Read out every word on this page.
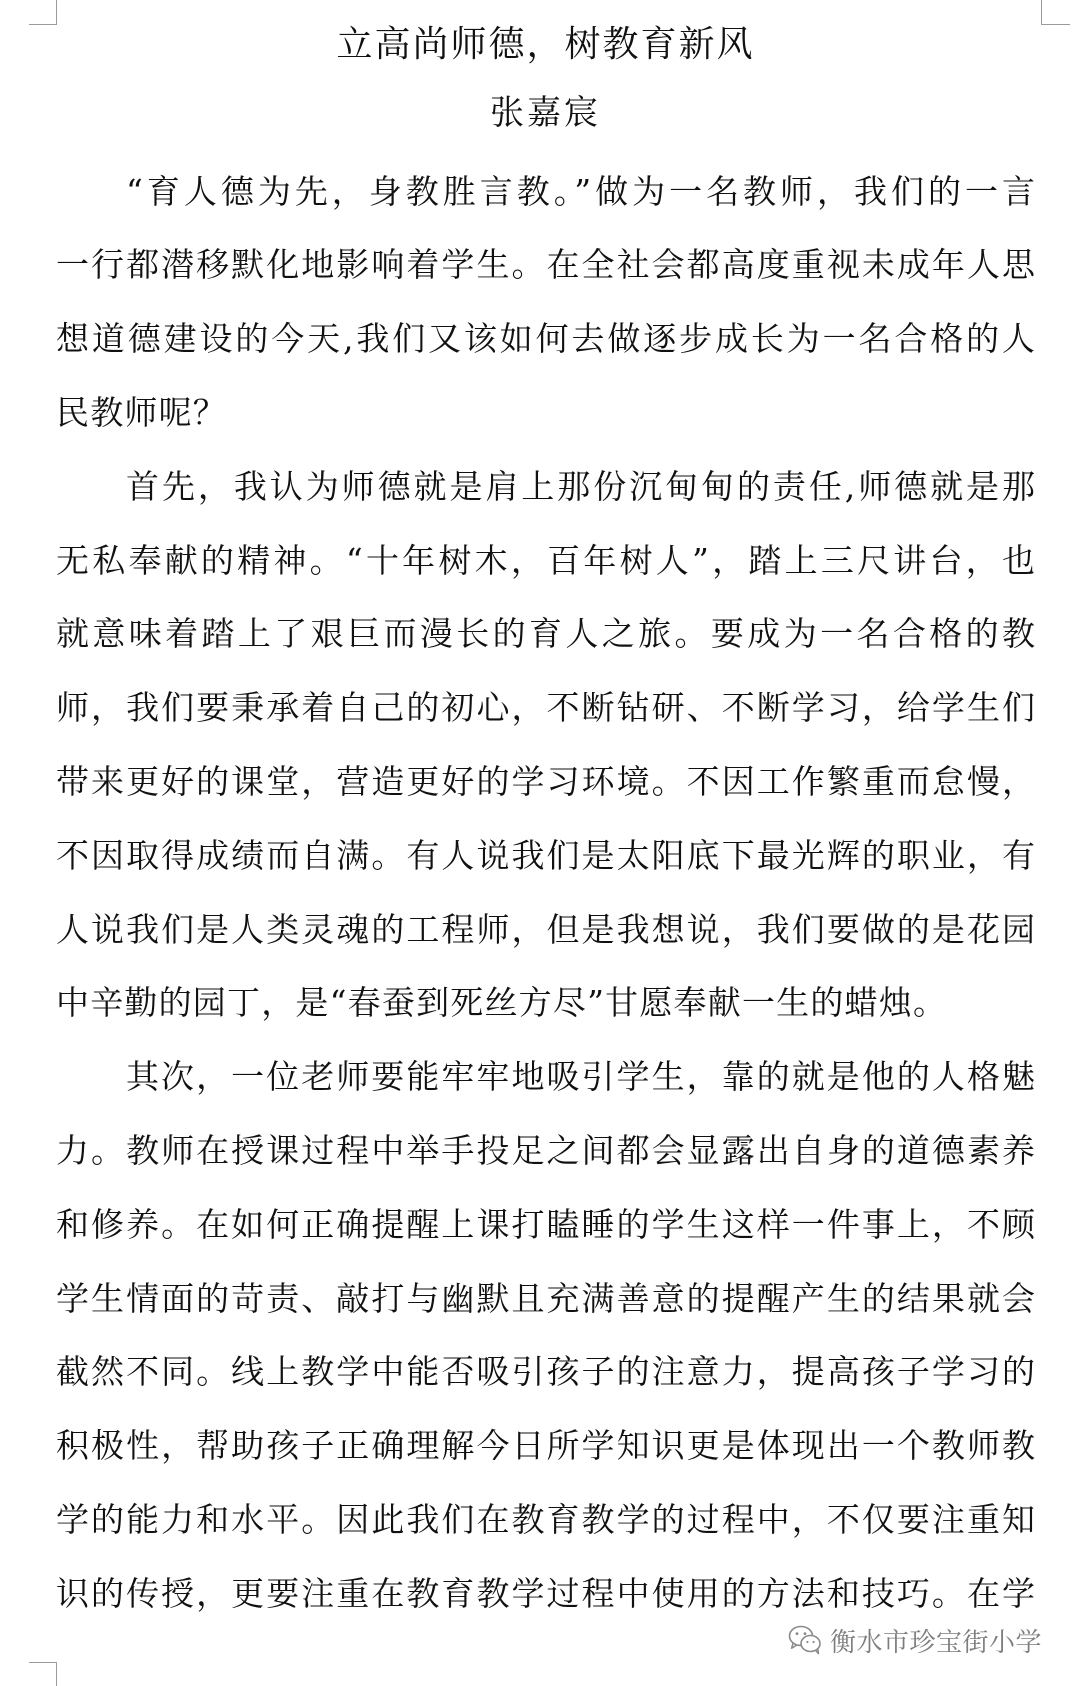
立高尚师德，树教育新风
张嘉宸
“育人德为先，身教胜言教。”做为一名教师，我们的一言
一行都潜移默化地影响着学生。在全社会都高度重视未成年人思
想道德建设的今天,我们又该如何去做逐步成长为一名合格的人
民教师呢？
首先，我认为师德就是肩上那份沉甸甸的责任,师德就是那
无私奉献的精神。“十年树木，百年树人”，踏上三尺讲台，也
就意味着踏上了艰巨而漫长的育人之旅。要成为一名合格的教
师，我们要秉承着自己的初心，不断钻研、不断学习，给学生们
带来更好的课堂，营造更好的学习环境。不因工作繁重而怠慢，
不因取得成绩而自满。有人说我们是太阳底下最光辉的职业，有
人说我们是人类灵魂的工程师，但是我想说，我们要做的是花园
中辛勤的园丁，是“春蚕到死丝方尽”甘愿奉献一生的蜡烛。
其次，一位老师要能牢牢地吸引学生，靠的就是他的人格魅
力。教师在授课过程中举手投足之间都会显露出自身的道德素养
和修养。在如何正确提醒上课打瞌睡的学生这样一件事上，不顾
学生情面的苛责、敲打与幽默且充满善意的提醒产生的结果就会
截然不同。线上教学中能否吸引孩子的注意力，提高孩子学习的
积极性，帮助孩子正确理解今日所学知识更是体现出一个教师教
学的能力和水平。因此我们在教育教学的过程中，不仅要注重知
识的传授，更要注重在教育教学过程中使用的方法和技巧。在学
衡水市珍宝街小学
